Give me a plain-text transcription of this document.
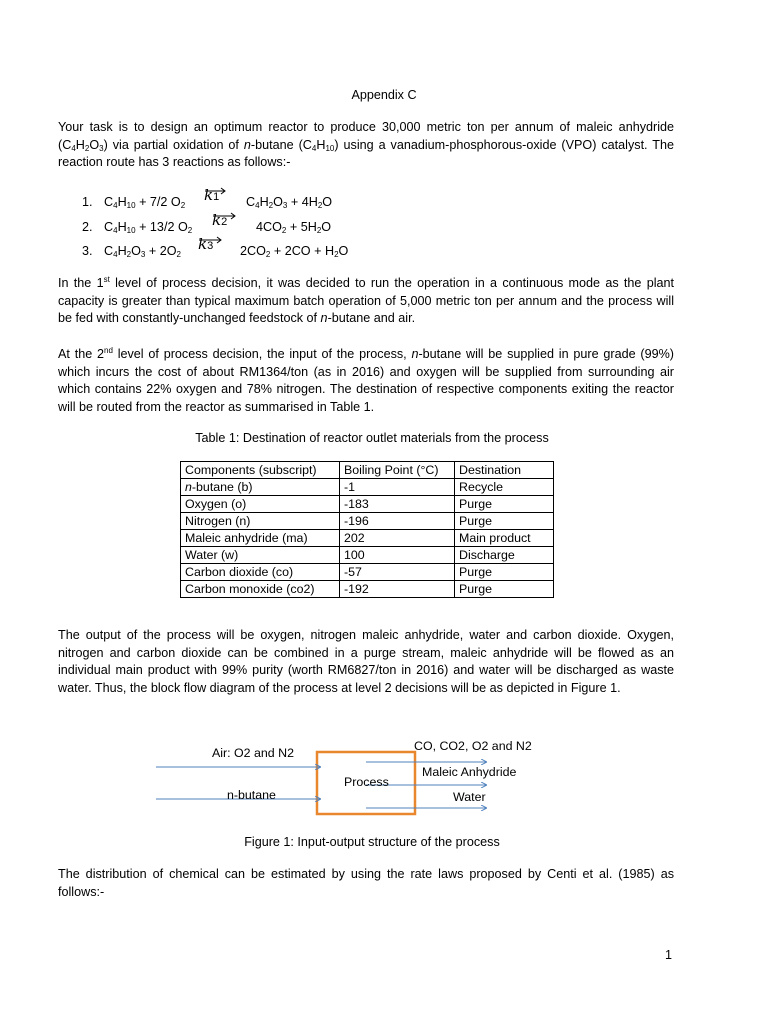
Appendix C
Your task is to design an optimum reactor to produce 30,000 metric ton per annum of maleic anhydride $(C_4H_2O_3)$ via partial oxidation of n-butane $(C_4H_{10})$ using a vanadium-phosphorous-oxide (VPO) catalyst. The reaction route has 3 reactions as follows:-
1. $C_4H_{10} + 7/2$ $O_2$
k1 $C_4H_2O_3 + 4H_2O$
2. $C_4H_{10} + 13/2$ $O_2$
k2 $4CO_2 + 5H_2O$
3. $C_4H_2O_3 + 2O_2$
k3 $2CO_2 + 2CO + H_2O$
In the 1st level of process decision, it was decided to run the operation in a continuous mode as the plant capacity is greater than typical maximum batch operation of 5,000 metric ton per annum and the process will be fed with constantly-unchanged feedstock of n-butane and air.
At the 2nd level of process decision, the input of the process, n-butane will be supplied in pure grade (99%) which incurs the cost of about RM1364/ton (as in 2016) and oxygen will be supplied from surrounding air which contains 22% oxygen and 78% nitrogen. The destination of respective components exiting the reactor will be routed from the reactor as summarised in Table 1.
Table 1: Destination of reactor outlet materials from the process
Components (subscript)	Boiling Point (°C)	Destination
n-butane (b)	-1	Recycle
Oxygen (o)	-183	Purge
Nitrogen (n)	-196	Purge
Maleic anhydride (ma)	202	Main product
Water (w)	100	Discharge
Carbon dioxide (co)	-57	Purge
Carbon monoxide (co2)	-192	Purge
The output of the process will be oxygen, nitrogen maleic anhydride, water and carbon dioxide. Oxygen, nitrogen and carbon dioxide can be combined in a purge stream, maleic anhydride will be flowed as an individual main product with 99% purity (worth RM6827/ton in 2016) and water will be discharged as waste water. Thus, the block flow diagram of the process at level 2 decisions will be as depicted in Figure 1.
Air: O2 and N2
n-butane
Process
CO, CO2, O2 and N2
Maleic Anhydride
Water
Figure 1: Input-output structure of the process
The distribution of chemical can be estimated by using the rate laws proposed by Centi et al. (1985) as follows:-
1
